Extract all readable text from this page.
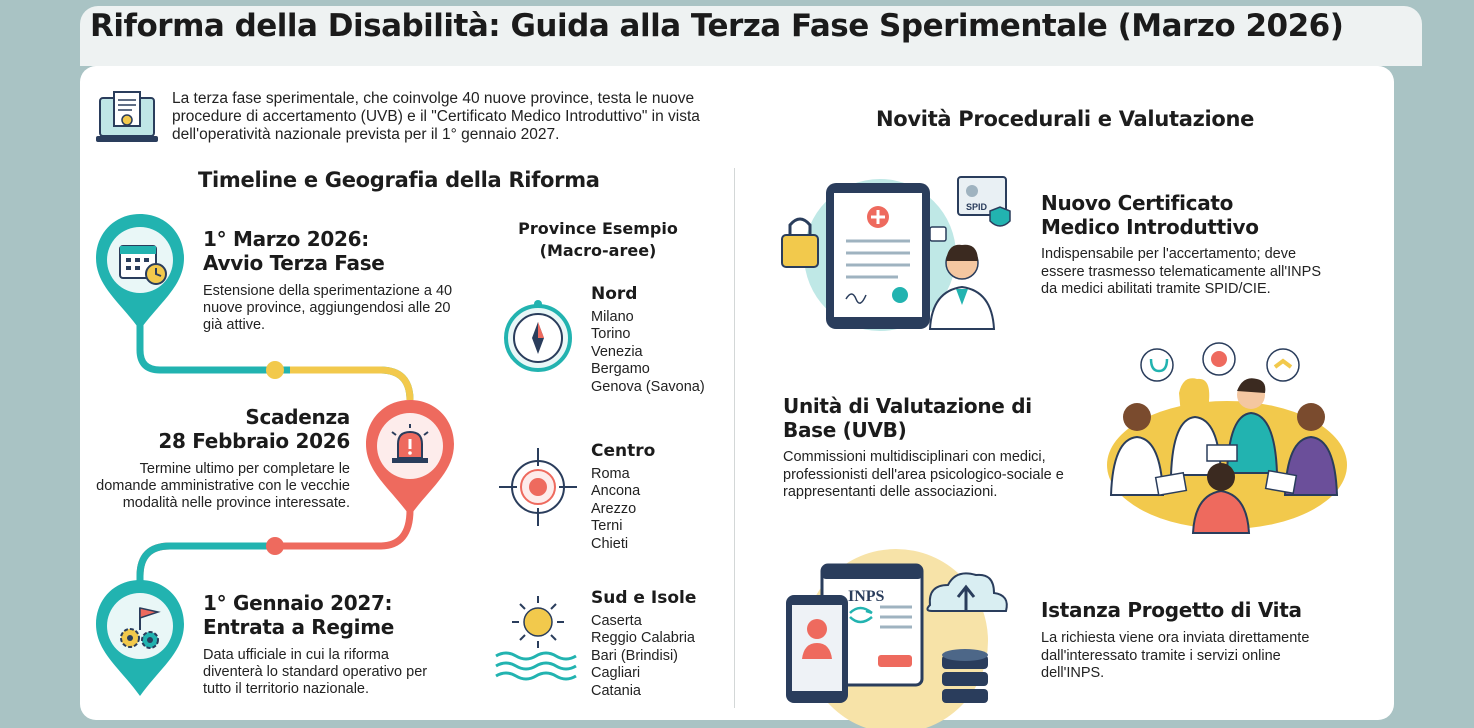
Riforma della Disabilità: Guida alla Terza Fase Sperimentale (Marzo 2026)

La terza fase sperimentale, che coinvolge 40 nuove province, testa le nuove procedure di accertamento (UVB) e il "Certificato Medico Introduttivo" in vista dell'operatività nazionale prevista per il 1° gennaio 2027.

Timeline e Geografia della Riforma
Novità Procedurali e Valutazione
1° Marzo 2026:
Avvio Terza Fase

Estensione della sperimentazione a 40 nuove province, aggiungendosi alle 20 già attive.

Scadenza
28 Febbraio 2026

Termine ultimo per completare le domande amministrative con le vecchie modalità nelle province interessate.

1° Gennaio 2027:
Entrata a Regime

Data ufficiale in cui la riforma diventerà lo standard operativo per tutto il territorio nazionale.

Province Esempio
(Macro-aree)
Nord
Milano
Torino
Venezia
Bergamo
Genova (Savona)
Centro
Roma
Ancona
Arezzo
Terni
Chieti
Sud e Isole
Caserta
Reggio Calabria
Bari (Brindisi)
Cagliari
Catania
SPID	Nuovo Certificato
Medico Introduttivo

Indispensabile per l'accertamento; deve essere trasmesso telematicamente all'INPS da medici abilitati tramite SPID/CIE.

Unità di Valutazione di
Base (UVB)

Commissioni multidisciplinari con medici, professionisti dell'area psicologico-sociale e rappresentanti delle associazioni.

INPS
Istanza Progetto di Vita

La richiesta viene ora inviata direttamente dall'interessato tramite i servizi online dell'INPS.
